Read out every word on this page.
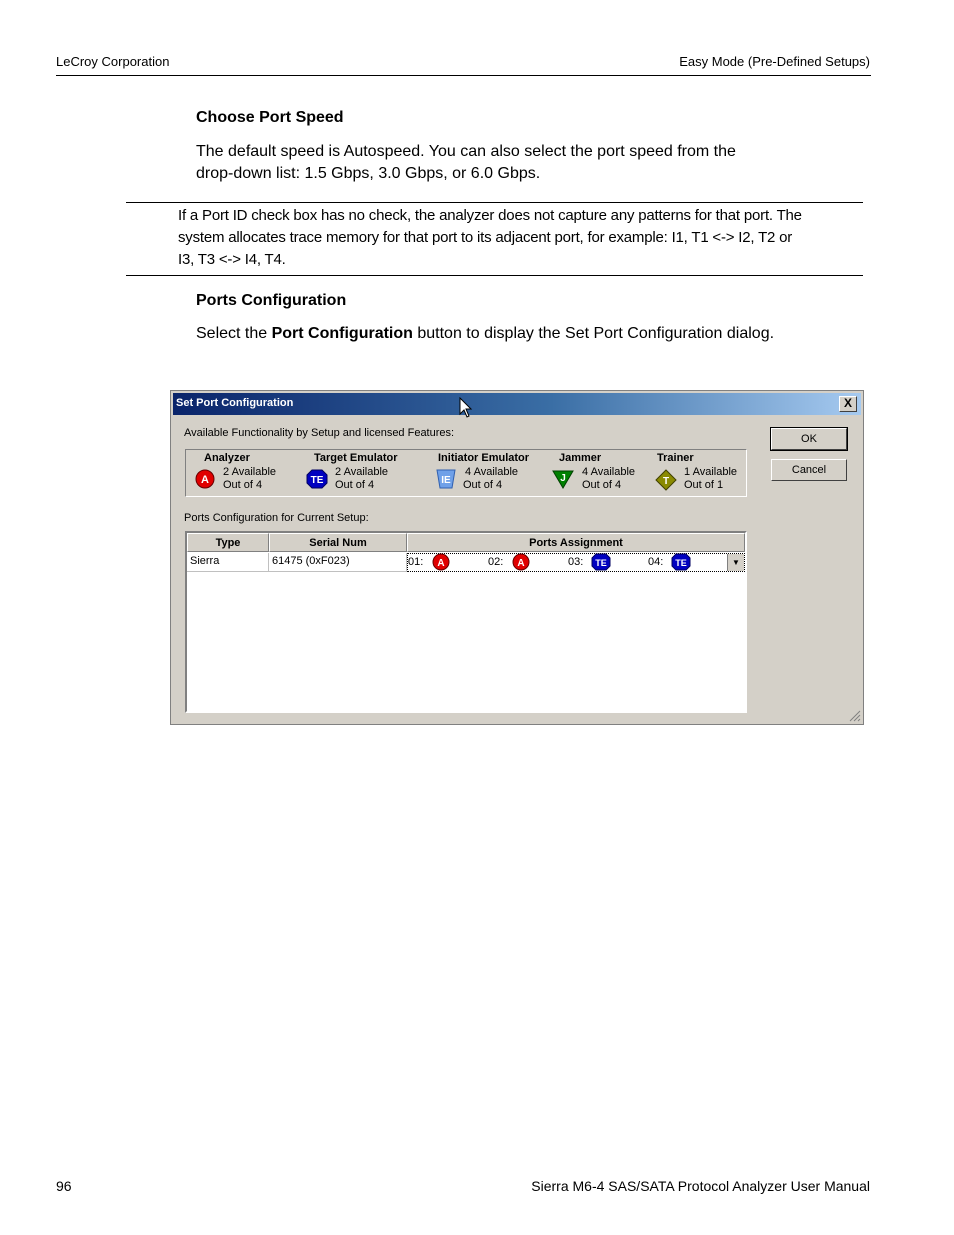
LeCroy Corporation	Easy Mode (Pre-Defined Setups)
Choose Port Speed
The default speed is Autospeed. You can also select the port speed from the
drop-down list: 1.5 Gbps, 3.0 Gbps, or 6.0 Gbps.
If a Port ID check box has no check, the analyzer does not capture any patterns for that port. The
system allocates trace memory for that port to its adjacent port, for example: I1, T1 <-> I2, T2 or
I3, T3 <-> I4, T4.
Ports Configuration
Select the Port Configuration button to display the Set Port Configuration dialog.
Set Port Configuration	X
Available Functionality by Setup and licensed Features:	OK
Cancel
Analyzer
A
2 Available
Out of 4
Target Emulator
TE
2 Available
Out of 4
Initiator Emulator
IE
4 Available
Out of 4
Jammer
J
4 Available
Out of 4
Trainer
T
1 Available
Out of 1
Ports Configuration for Current Setup:
Type	Serial Num	Ports Assignment
Sierra	61475 (0xF023)	01: A	02: A	03: TE	04: TE	▼
96	Sierra M6-4 SAS/SATA Protocol Analyzer User Manual
